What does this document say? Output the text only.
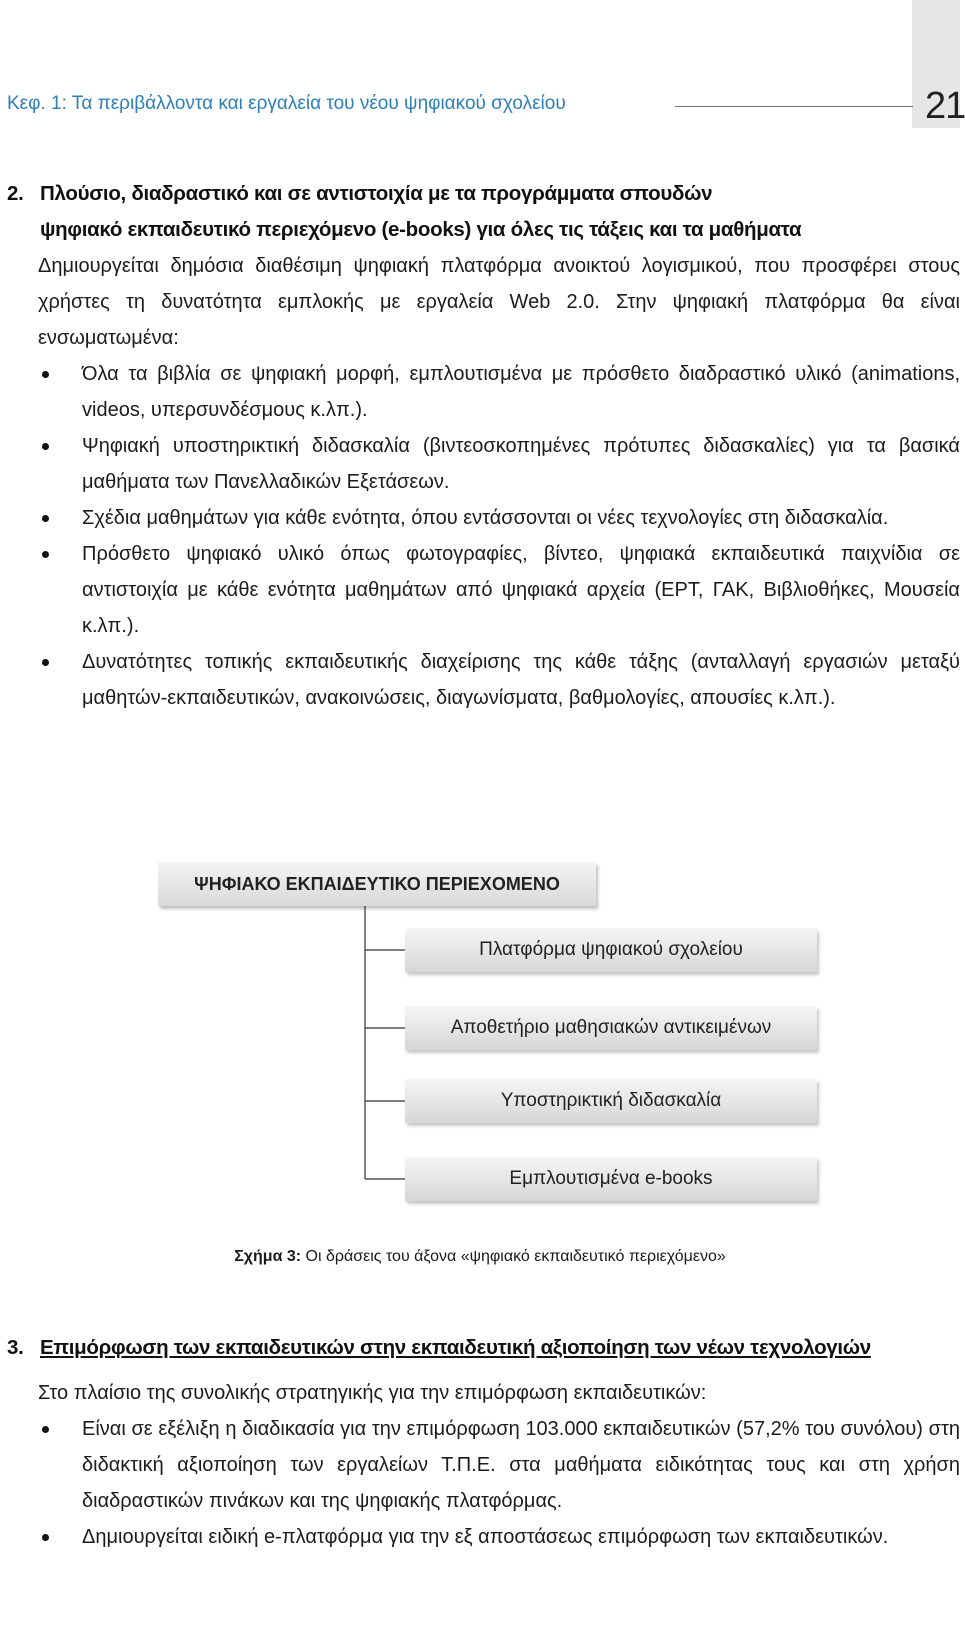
Κεφ. 1: Τα περιβάλλοντα και εργαλεία του νέου ψηφιακού σχολείου	21
2. Πλούσιο, διαδραστικό και σε αντιστοιχία με τα προγράμματα σπουδών
ψηφιακό εκπαιδευτικό περιεχόμενο (e-books) για όλες τις τάξεις και τα μαθήματα

Δημιουργείται δημόσια διαθέσιμη ψηφιακή πλατφόρμα ανοικτού λογισμικού, που προσφέρει στους χρήστες τη δυνατότητα εμπλοκής με εργαλεία Web 2.0. Στην ψηφιακή πλατφόρμα θα είναι ενσωματωμένα:

Όλα τα βιβλία σε ψηφιακή μορφή, εμπλουτισμένα με πρόσθετο διαδραστικό υλικό (animations, videos, υπερσυνδέσμους κ.λπ.).
Ψηφιακή υποστηρικτική διδασκαλία (βιντεοσκοπημένες πρότυπες διδασκαλίες) για τα βασικά μαθήματα των Πανελλαδικών Εξετάσεων.
Σχέδια μαθημάτων για κάθε ενότητα, όπου εντάσσονται οι νέες τεχνολογίες στη διδασκαλία.
Πρόσθετο ψηφιακό υλικό όπως φωτογραφίες, βίντεο, ψηφιακά εκπαιδευτικά παιχνίδια σε αντιστοιχία με κάθε ενότητα μαθημάτων από ψηφιακά αρχεία (ΕΡΤ, ΓΑΚ, Βιβλιοθήκες, Μουσεία κ.λπ.).
Δυνατότητες τοπικής εκπαιδευτικής διαχείρισης της κάθε τάξης (ανταλλαγή εργασιών μεταξύ μαθητών-εκπαιδευτικών, ανακοινώσεις, διαγωνίσματα, βαθμολογίες, απουσίες κ.λπ.).
ΨΗΦΙΑΚΟ ΕΚΠΑΙΔΕΥΤΙΚΟ ΠΕΡΙΕΧΟΜΕΝΟ
Πλατφόρμα ψηφιακού σχολείου
Αποθετήριο μαθησιακών αντικειμένων
Υποστηρικτική διδασκαλία
Εμπλουτισμένα e-books
Σχήμα 3: Οι δράσεις του άξονα «ψηφιακό εκπαιδευτικό περιεχόμενο»
3. Επιμόρφωση των εκπαιδευτικών στην εκπαιδευτική αξιοποίηση των νέων τεχνολογιών

Στο πλαίσιο της συνολικής στρατηγικής για την επιμόρφωση εκπαιδευτικών:

Είναι σε εξέλιξη η διαδικασία για την επιμόρφωση 103.000 εκπαιδευτικών (57,2% του συνόλου) στη διδακτική αξιοποίηση των εργαλείων Τ.Π.Ε. στα μαθήματα ειδικότητας τους και στη χρήση διαδραστικών πινάκων και της ψηφιακής πλατφόρμας.
Δημιουργείται ειδική e-πλατφόρμα για την εξ αποστάσεως επιμόρφωση των εκπαιδευτικών.
